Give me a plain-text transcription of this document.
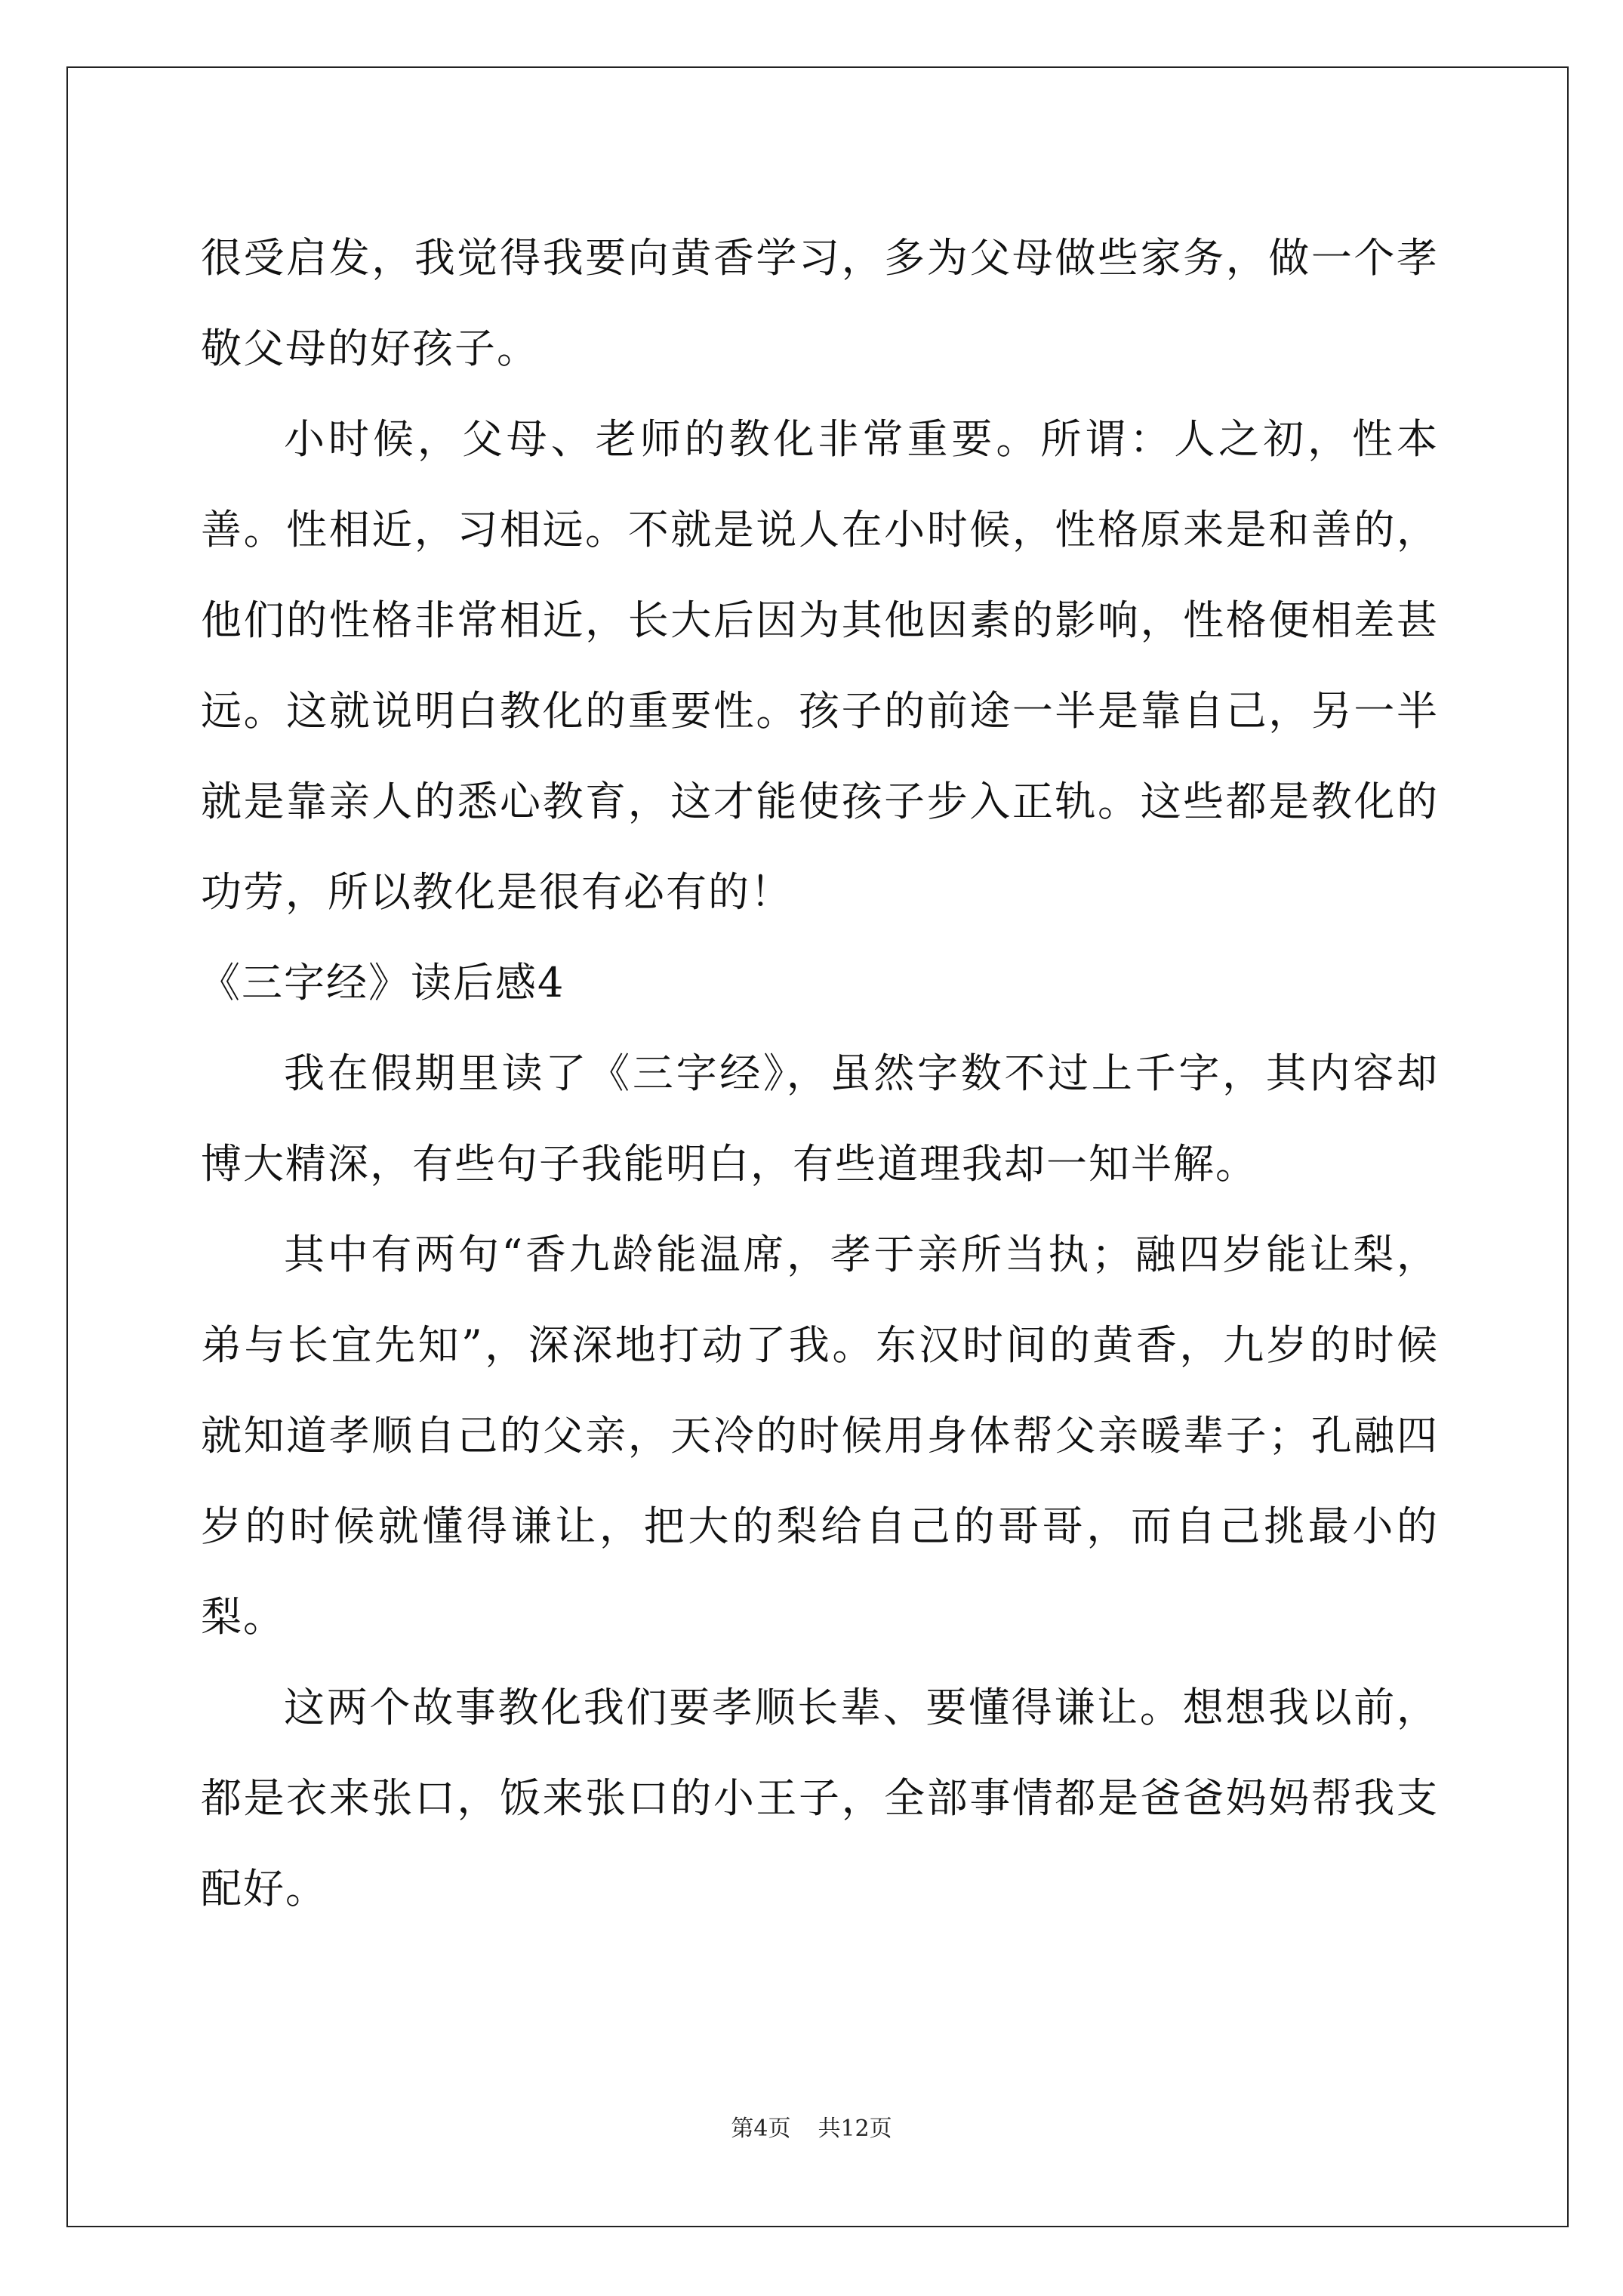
很受启发，我觉得我要向黄香学习，多为父母做些家务，做一个孝敬父母的好孩子。

小时候，父母、老师的教化非常重要。所谓：人之初，性本善。性相近，习相远。不就是说人在小时候，性格原来是和善的，他们的性格非常相近，长大后因为其他因素的影响，性格便相差甚远。这就说明白教化的重要性。孩子的前途一半是靠自己，另一半就是靠亲人的悉心教育，这才能使孩子步入正轨。这些都是教化的功劳，所以教化是很有必有的！

《三字经》读后感4

我在假期里读了《三字经》，虽然字数不过上千字，其内容却博大精深，有些句子我能明白，有些道理我却一知半解。

其中有两句“香九龄能温席，孝于亲所当执；融四岁能让梨，弟与长宜先知”，深深地打动了我。东汉时间的黄香，九岁的时候就知道孝顺自己的父亲，天冷的时候用身体帮父亲暖辈子；孔融四岁的时候就懂得谦让，把大的梨给自己的哥哥，而自己挑最小的梨。

这两个故事教化我们要孝顺长辈、要懂得谦让。想想我以前，都是衣来张口，饭来张口的小王子，全部事情都是爸爸妈妈帮我支配好。

第4页 共12页
